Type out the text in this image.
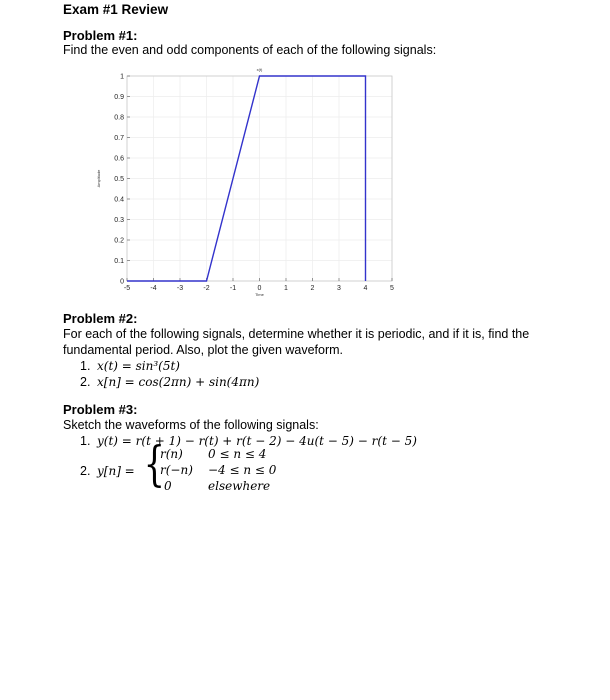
Exam #1 Review
Problem #1:
Find the even and odd components of each of the following signals:
0
0.1
0.2
0.3
0.4
0.5
0.6
0.7
0.8
0.9
1
-5	-4	-3	-2	-1	0	1	2	3	4	5
x(t)
Time
Amplitude
Problem #2:
For each of the following signals, determine whether it is periodic, and if it is, find the fundamental period. Also, plot the given waveform.
1. x(t) = sin³(5t)
2. x[n] = cos(2πn) + sin(4πn)
Problem #3:
Sketch the waveforms of the following signals:
1. y(t) = r(t + 1) − r(t) + r(t − 2) − 4u(t − 5) − r(t − 5)
2. y[n] = {
r(n) 0 ≤ n ≤ 4
r(−n) −4 ≤ n ≤ 0
0	elsewhere
